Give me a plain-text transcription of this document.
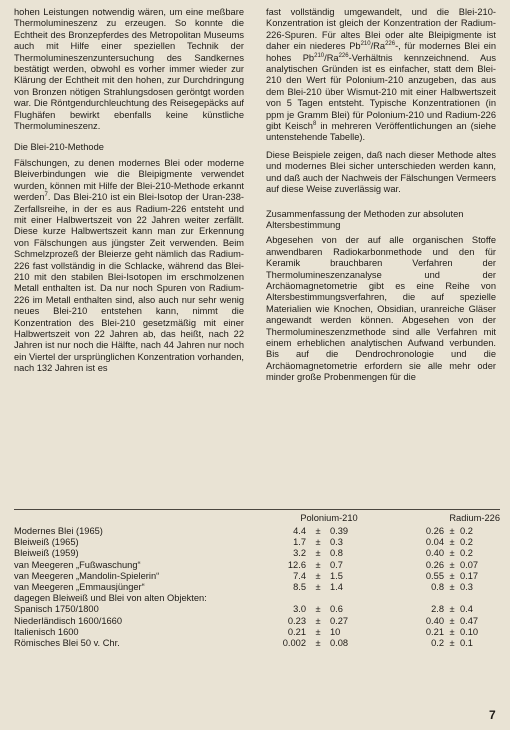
hohen Leistungen notwendig wären, um eine meßbare Thermolumineszenz zu erzeugen. So konnte die Echtheit des Bronzepferdes des Metropolitan Museums auch mit Hilfe einer speziellen Technik der Thermolumineszenzuntersuchung des Sandkernes bestätigt werden, obwohl es vorher immer wieder zur Klärung der Echtheit mit den hohen, zur Durchdringung von Bronzen nötigen Strahlungsdosen geröntgt worden war. Die Röntgendurchleuchtung des Reisegepäcks auf Flughäfen bewirkt ebenfalls keine künstliche Thermolumineszenz.

Die Blei-210-Methode

Fälschungen, zu denen modernes Blei oder moderne Bleiverbindungen wie die Bleipigmente verwendet wurden, können mit Hilfe der Blei-210-Methode erkannt werden$^7$. Das Blei-210 ist ein Blei-Isotop der Uran-238-Zerfallsreihe, in der es aus Radium-226 entsteht und mit einer Halbwertszeit von 22 Jahren weiter zerfällt. Diese kurze Halbwertszeit kann man zur Erkennung von Fälschungen aus jüngster Zeit verwenden. Beim Schmelzprozeß der Bleierze geht nämlich das Radium-226 fast vollständig in die Schlacke, während das Blei-210 mit den stabilen Blei-Isotopen im erschmolzenen Metall enthalten ist. Da nur noch Spuren von Radium-226 im Metall enthalten sind, also auch nur sehr wenig neues Blei-210 entstehen kann, nimmt die Konzentration des Blei-210 gesetzmäßig mit einer Halbwertszeit von 22 Jahren ab, das heißt, nach 22 Jahren ist nur noch die Hälfte, nach 44 Jahren nur noch ein Viertel der ursprünglichen Konzentration vorhanden, nach 132 Jahren ist es

fast vollständig umgewandelt, und die Blei-210-Konzentration ist gleich der Konzentration der Radium-226-Spuren. Für altes Blei oder alte Bleipigmente ist daher ein niederes Pb$^{210}$/Ra$^{226}$-, für modernes Blei ein hohes Pb$^{210}$/Ra$^{226}$-Verhältnis kennzeichnend. Aus analytischen Gründen ist es einfacher, statt dem Blei-210 den Wert für Polonium-210 anzugeben, das aus dem Blei-210 über Wismut-210 mit einer Halbwertszeit von 5 Tagen entsteht. Typische Konzentrationen (in ppm je Gramm Blei) für Polonium-210 und Radium-226 gibt Keisch$^8$ in mehreren Veröffentlichungen an (siehe untenstehende Tabelle).

Diese Beispiele zeigen, daß nach dieser Methode altes und modernes Blei sicher unterschieden werden kann, und daß auch der Nachweis der Fälschungen Vermeers auf diese Weise zuverlässig war.

Zusammenfassung der Methoden zur absoluten Altersbestimmung

Abgesehen von der auf alle organischen Stoffe anwendbaren Radiokarbonmethode und den für Keramik brauchbaren Verfahren der Thermolumineszenzanalyse und der Archäomagnetometrie gibt es eine Reihe von Altersbestimmungsverfahren, die auf spezielle Materialien wie Knochen, Obsidian, uranreiche Gläser angewandt werden können. Abgesehen von der Thermolumineszenzmethode sind alle Verfahren mit einem erheblichen analytischen Aufwand verbunden. Bis auf die Dendrochronologie und die Archäomagnetometrie erfordern sie alle mehr oder minder große Probenmengen für die

	Polonium-210				Radium-226		
Modernes Blei (1965)	4.4	±	0.39		0.26	±	0.2
Bleiweiß (1965)	1.7	±	0.3		0.04	±	0.2
Bleiweiß (1959)	3.2	±	0.8		0.40	±	0.2
van Meegeren „Fußwaschung“	12.6	±	0.7		0.26	±	0.07
van Meegeren „Mandolin-Spielerin“	7.4	±	1.5		0.55	±	0.17
van Meegeren „Emmausjünger“	8.5	±	1.4		0.8	±	0.3
dagegen Bleiweiß und Blei von alten Objekten:							
Spanisch 1750/1800	3.0	±	0.6		2.8	±	0.4
Niederländisch 1600/1660	0.23	±	0.27		0.40	±	0.47
Italienisch 1600	0.21	±	10		0.21	±	0.10
Römisches Blei 50 v. Chr.	0.002	±	0.08		0.2	±	0.1
7
